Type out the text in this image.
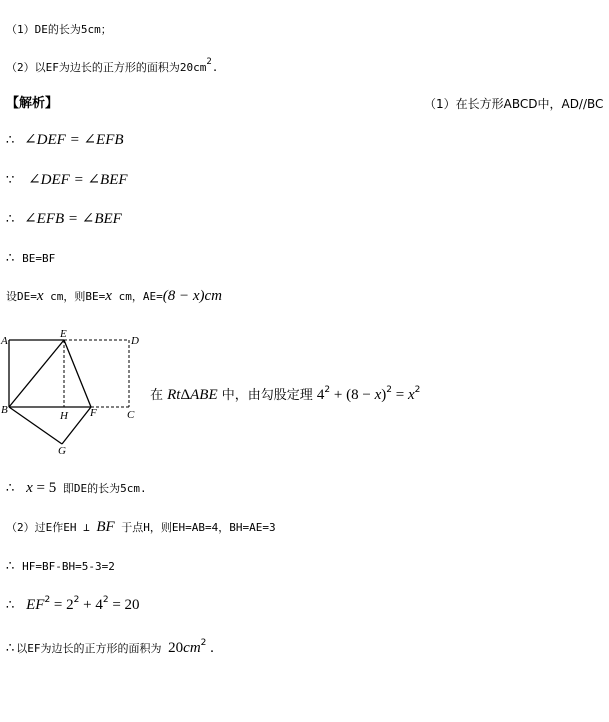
（1）DE的长为5cm；
（2）以EF为边长的正方形的面积为$20cm^2$.
【解析】	（1）在长方形ABCD中，AD//BC
∴ ∠DEF = ∠EFB
∵ ∠DEF = ∠BEF
∴ ∠EFB = ∠BEF
∴ BE=BF
设DE=x cm，则BE=x cm，AE=(8 − x)cm
A
E
D
B	H F	C
G
在 RtΔABE 中，由勾股定理 $4^2 + (8 - x)^2 = x^2$
∴ x = 5 即DE的长为5cm.
（2）过E作EH ⊥ BF 于点H，则EH=AB=4，BH=AE=3
∴ HF=BF-BH=5-3=2
∴ $EF^2 = 2^2 + 4^2 = 20$
∴ 以EF为边长的正方形的面积为 $20cm^2$ .
